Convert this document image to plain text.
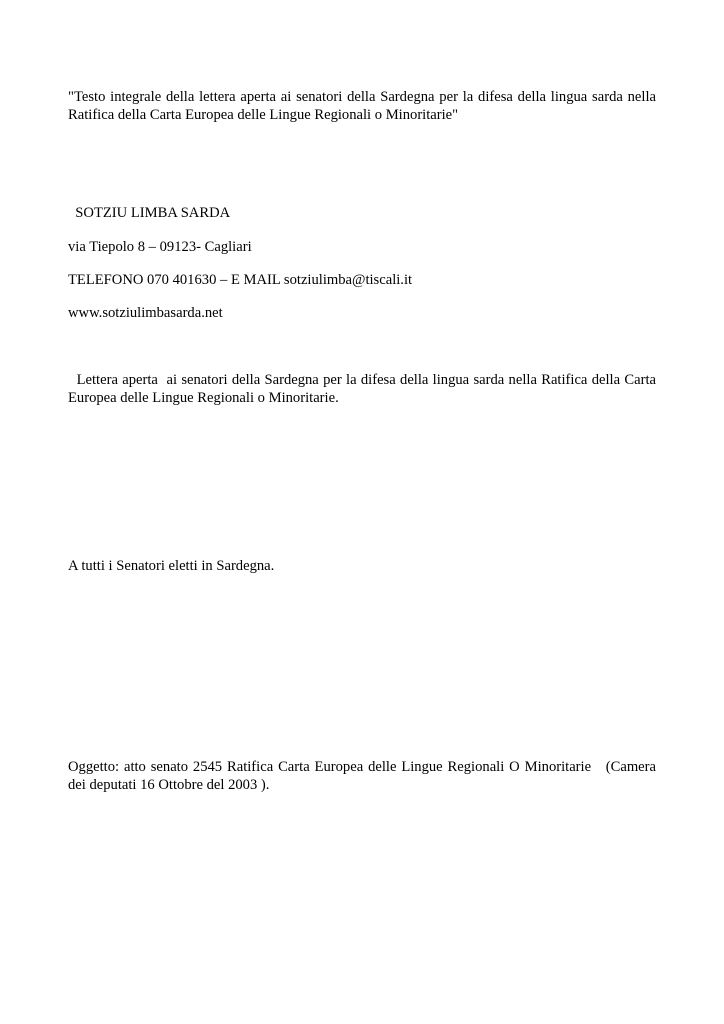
"Testo integrale della lettera aperta ai senatori della Sardegna per la difesa della lingua sarda nella Ratifica della Carta Europea delle Lingue Regionali o Minoritarie"

SOTZIU LIMBA SARDA

via Tiepolo 8 – 09123- Cagliari

TELEFONO 070 401630 – E MAIL sotziulimba@tiscali.it

www.sotziulimbasarda.net

Lettera aperta  ai senatori della Sardegna per la difesa della lingua sarda nella Ratifica della Carta Europea delle Lingue Regionali o Minoritarie.

A tutti i Senatori eletti in Sardegna.

Oggetto: atto senato 2545 Ratifica Carta Europea delle Lingue Regionali O Minoritarie   (Camera dei deputati 16 Ottobre del 2003 ).
